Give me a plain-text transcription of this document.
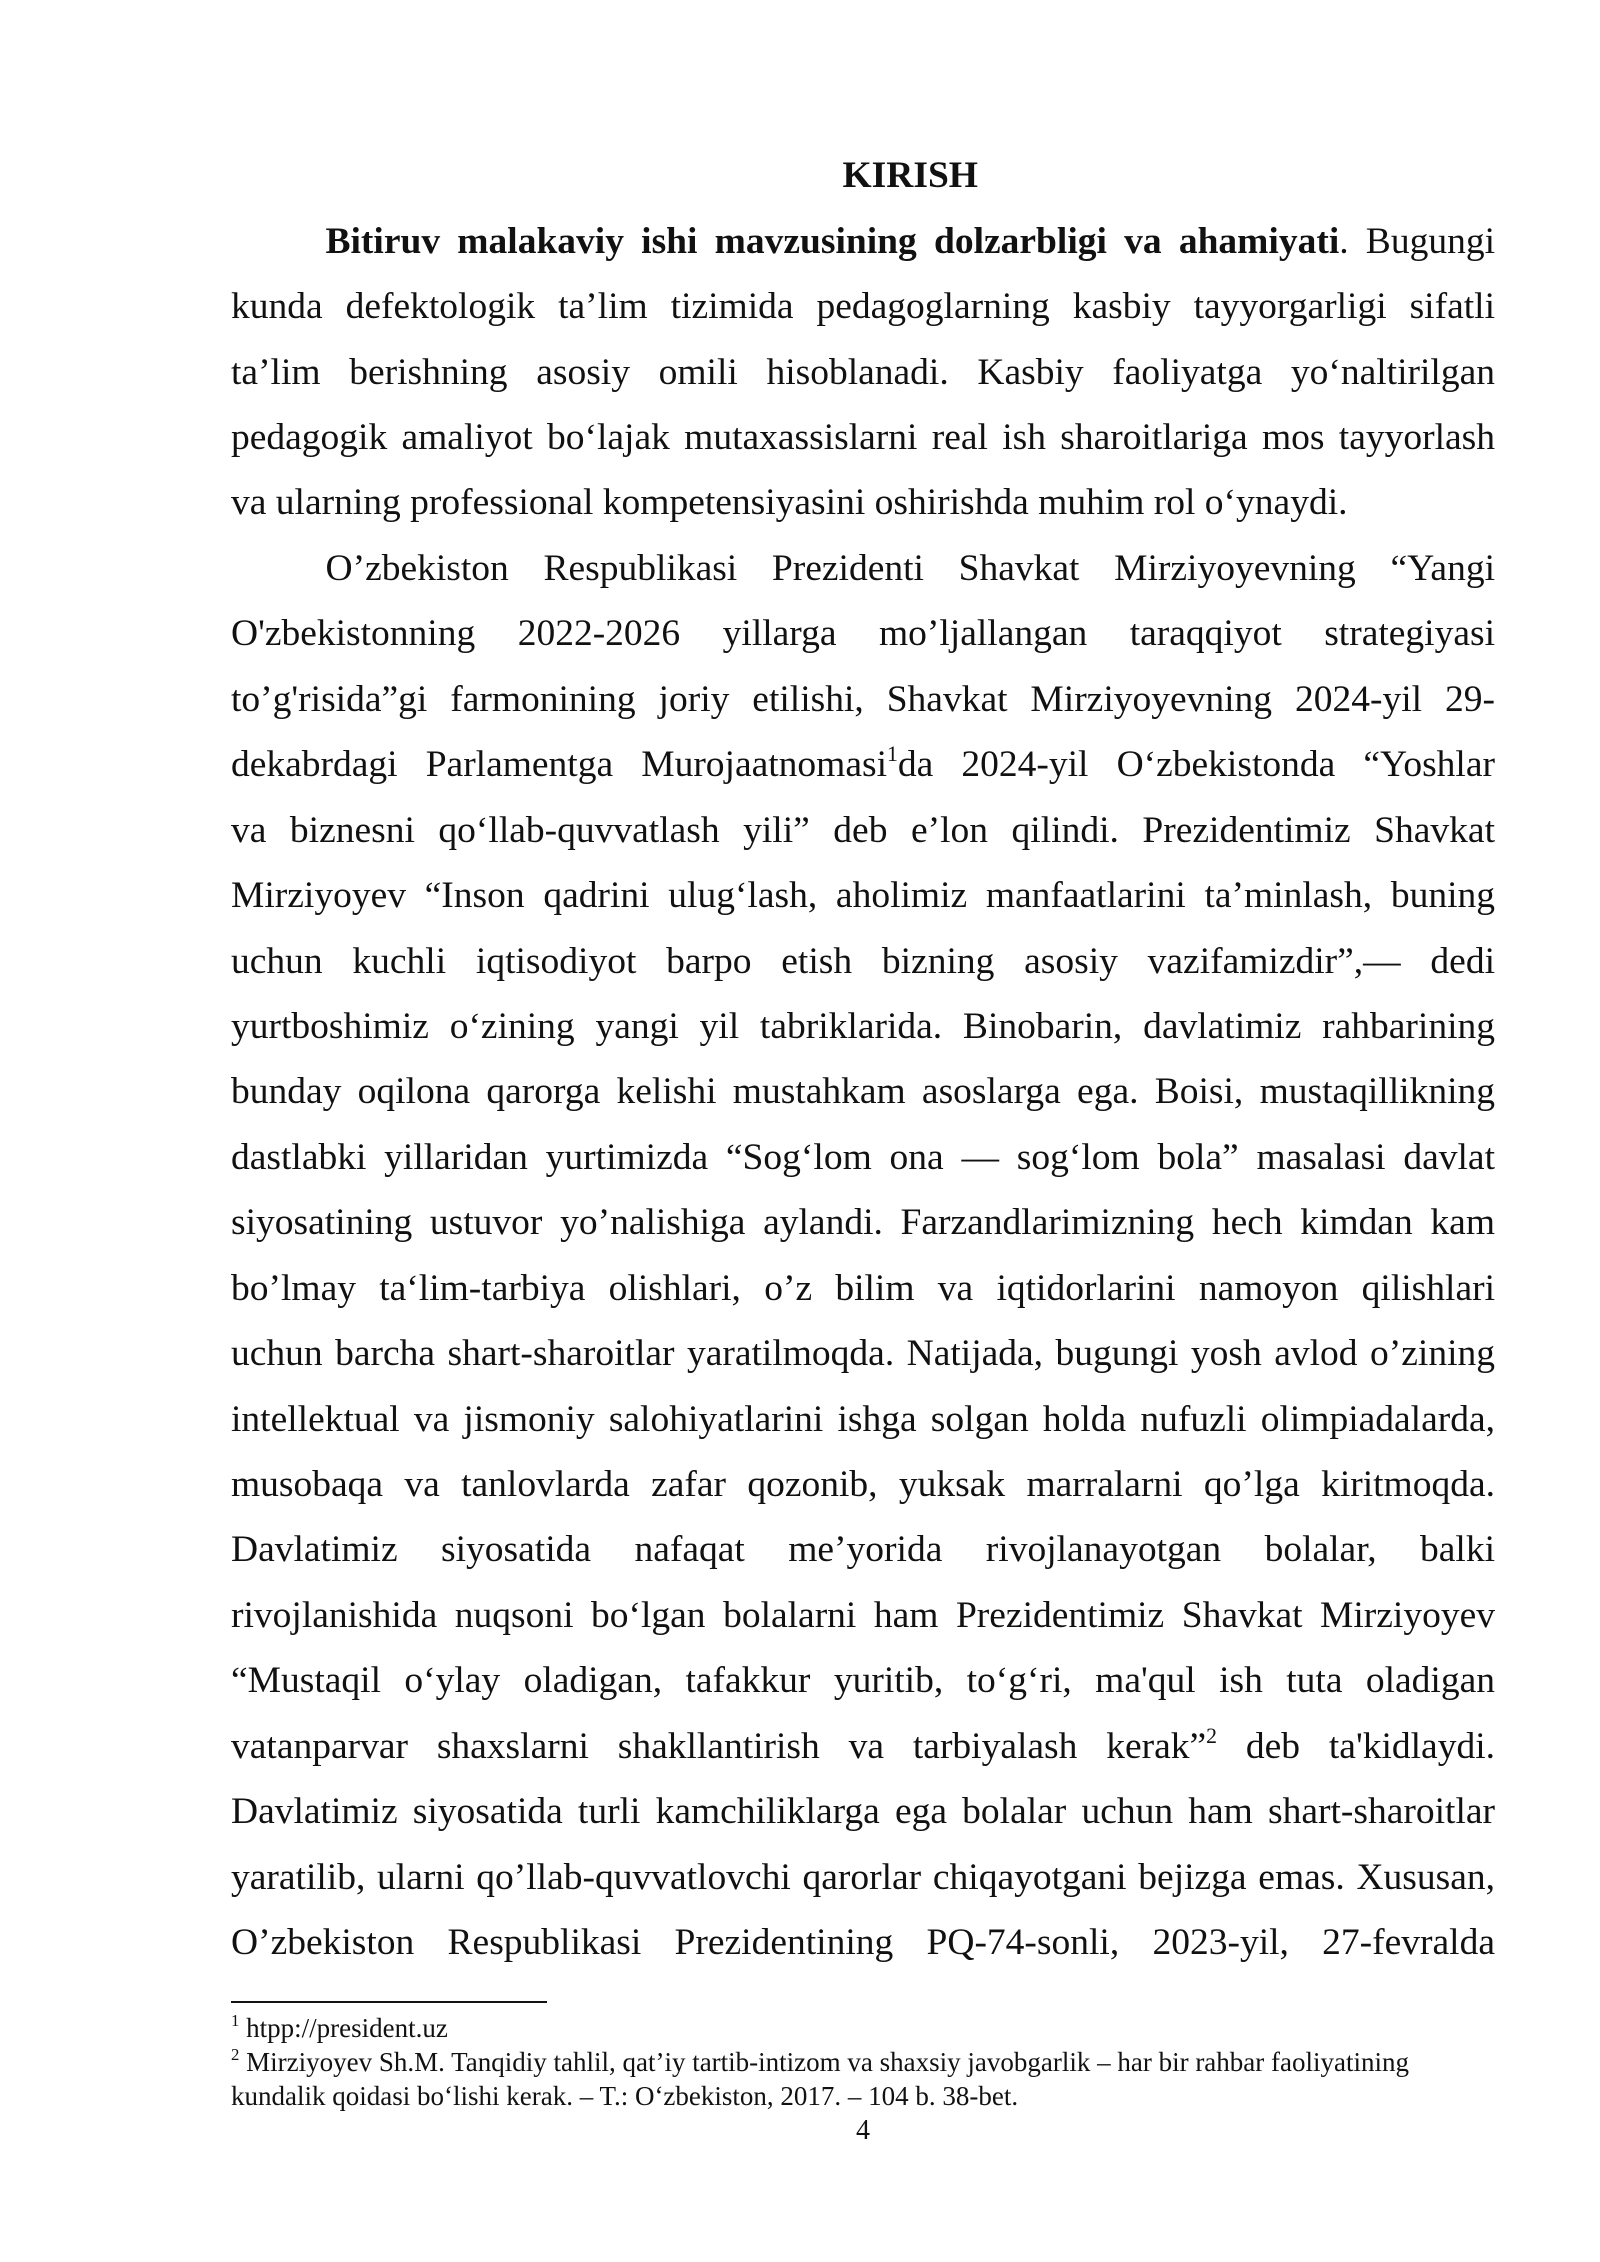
KIRISH
Bitiruv malakaviy ishi mavzusining dolzarbligi va ahamiyati. Bugungi
kunda defektologik ta’lim tizimida pedagoglarning kasbiy tayyorgarligi sifatli
ta’lim berishning asosiy omili hisoblanadi. Kasbiy faoliyatga yo‘naltirilgan
pedagogik amaliyot bo‘lajak mutaxassislarni real ish sharoitlariga mos tayyorlash
va ularning professional kompetensiyasini oshirishda muhim rol o‘ynaydi.
O’zbekiston Respublikasi Prezidenti Shavkat Mirziyoyevning “Yangi
O'zbekistonning 2022-2026 yillarga mo’ljallangan taraqqiyot strategiyasi
to’g'risida”gi farmonining joriy etilishi, Shavkat Mirziyoyevning 2024-yil 29-
dekabrdagi Parlamentga Murojaatnomasi$^1$da 2024-yil O‘zbekistonda “Yoshlar
va biznesni qo‘llab-quvvatlash yili” deb e’lon qilindi. Prezidentimiz Shavkat
Mirziyoyev “Inson qadrini ulug‘lash, aholimiz manfaatlarini ta’minlash, buning
uchun kuchli iqtisodiyot barpo etish bizning asosiy vazifamizdir”,— dedi
yurtboshimiz o‘zining yangi yil tabriklarida. Binobarin, davlatimiz rahbarining
bunday oqilona qarorga kelishi mustahkam asoslarga ega. Boisi, mustaqillikning
dastlabki yillaridan yurtimizda “Sog‘lom ona — sog‘lom bola” masalasi davlat
siyosatining ustuvor yo’nalishiga aylandi. Farzandlarimizning hech kimdan kam
bo’lmay ta‘lim-tarbiya olishlari, o’z bilim va iqtidorlarini namoyon qilishlari
uchun barcha shart-sharoitlar yaratilmoqda. Natijada, bugungi yosh avlod o’zining
intellektual va jismoniy salohiyatlarini ishga solgan holda nufuzli olimpiadalarda,
musobaqa va tanlovlarda zafar qozonib, yuksak marralarni qo’lga kiritmoqda.
Davlatimiz siyosatida nafaqat me’yorida rivojlanayotgan bolalar, balki
rivojlanishida nuqsoni bo‘lgan bolalarni ham Prezidentimiz Shavkat Mirziyoyev
“Mustaqil o‘ylay oladigan, tafakkur yuritib, to‘g‘ri, ma'qul ish tuta oladigan
vatanparvar shaxslarni shakllantirish va tarbiyalash kerak”$^2$ deb ta'kidlaydi.
Davlatimiz siyosatida turli kamchiliklarga ega bolalar uchun ham shart-sharoitlar
yaratilib, ularni qo’llab-quvvatlovchi qarorlar chiqayotgani bejizga emas. Xususan,
O’zbekiston Respublikasi Prezidentining PQ-74-sonli, 2023-yil, 27-fevralda
$^1$ htpp://president.uz
$^2$ Mirziyoyev Sh.M. Tanqidiy tahlil, qat’iy tartib-intizom va shaxsiy javobgarlik – har bir rahbar faoliyatining
kundalik qoidasi bo‘lishi kerak. – T.: O‘zbekiston, 2017. – 104 b. 38-bet.
4
